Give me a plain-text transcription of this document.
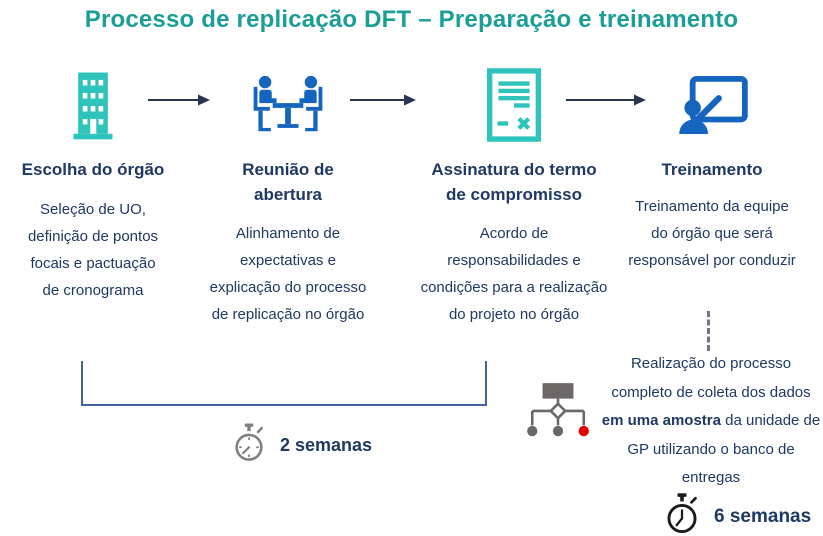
Processo de replicação DFT – Preparação e treinamento
Escolha do órgão
Seleção de UO, definição de pontos focais e pactuação de cronograma
Reunião de abertura
Alinhamento de expectativas e explicação do processo de replicação no órgão
Assinatura do termo de compromisso
Acordo de responsabilidades e condições para a realização do projeto no órgão
Treinamento
Treinamento da equipe do órgão que será responsável por conduzir
2 semanas
Realização do processo completo de coleta dos dados em uma amostra da unidade de GP utilizando o banco de entregas
6 semanas
